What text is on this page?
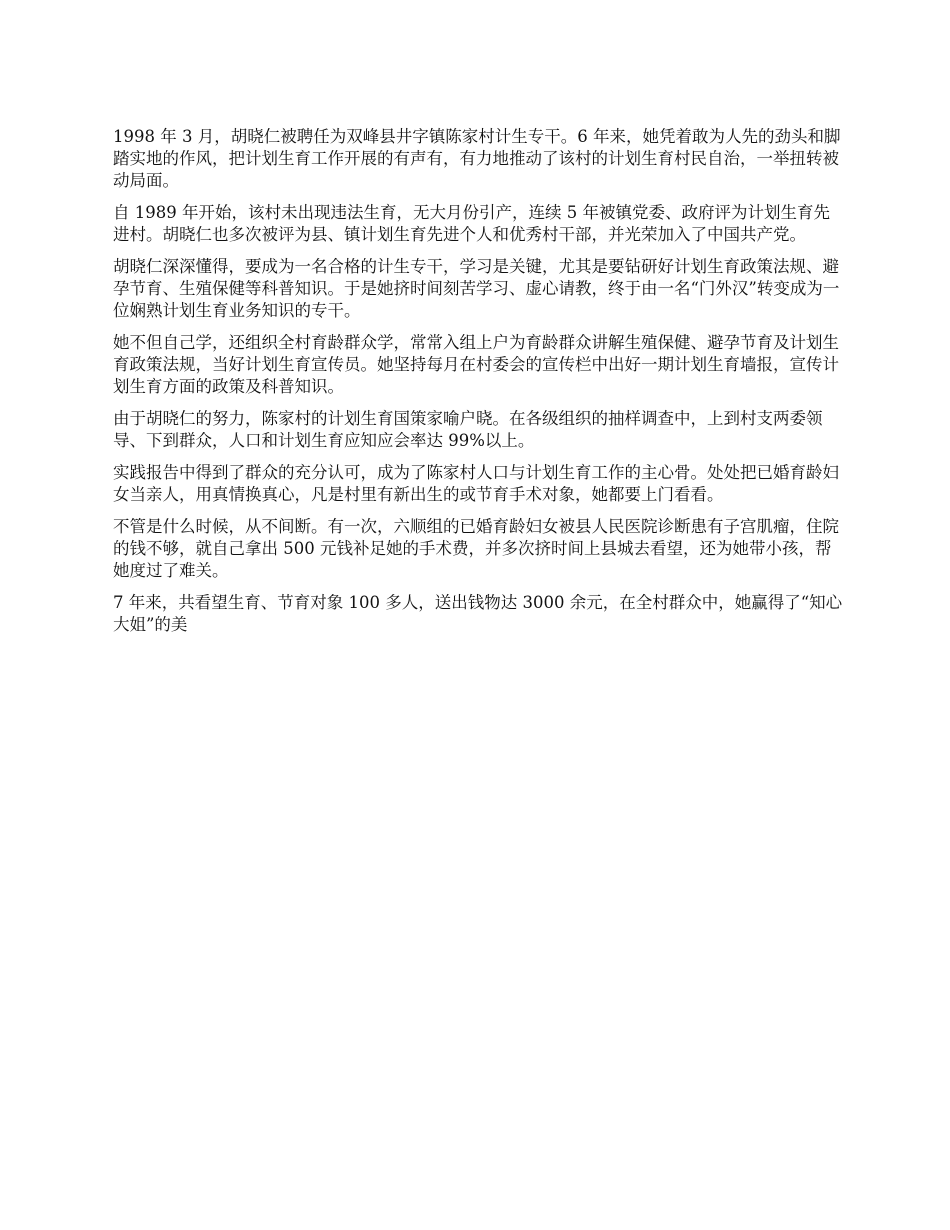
1998 年 3 月，胡晓仁被聘任为双峰县井字镇陈家村计生专干。6 年来，她凭着敢为人先的劲头和脚踏实地的作风，把计划生育工作开展的有声有，有力地推动了该村的计划生育村民自治，一举扭转被动局面。

自 1989 年开始，该村未出现违法生育，无大月份引产，连续 5 年被镇党委、政府评为计划生育先进村。胡晓仁也多次被评为县、镇计划生育先进个人和优秀村干部，并光荣加入了中国共产党。

胡晓仁深深懂得，要成为一名合格的计生专干，学习是关键，尤其是要钻研好计划生育政策法规、避孕节育、生殖保健等科普知识。于是她挤时间刻苦学习、虚心请教，终于由一名“门外汉”转变成为一位娴熟计划生育业务知识的专干。

她不但自己学，还组织全村育龄群众学，常常入组上户为育龄群众讲解生殖保健、避孕节育及计划生育政策法规，当好计划生育宣传员。她坚持每月在村委会的宣传栏中出好一期计划生育墙报，宣传计划生育方面的政策及科普知识。

由于胡晓仁的努力，陈家村的计划生育国策家喻户晓。在各级组织的抽样调查中，上到村支两委领导、下到群众，人口和计划生育应知应会率达 99%以上。

实践报告中得到了群众的充分认可，成为了陈家村人口与计划生育工作的主心骨。处处把已婚育龄妇女当亲人，用真情换真心，凡是村里有新出生的或节育手术对象，她都要上门看看。

不管是什么时候，从不间断。有一次，六顺组的已婚育龄妇女被县人民医院诊断患有子宫肌瘤，住院的钱不够，就自己拿出 500 元钱补足她的手术费，并多次挤时间上县城去看望，还为她带小孩，帮她度过了难关。

7 年来，共看望生育、节育对象 100 多人，送出钱物达 3000 余元，在全村群众中，她赢得了“知心大姐”的美
